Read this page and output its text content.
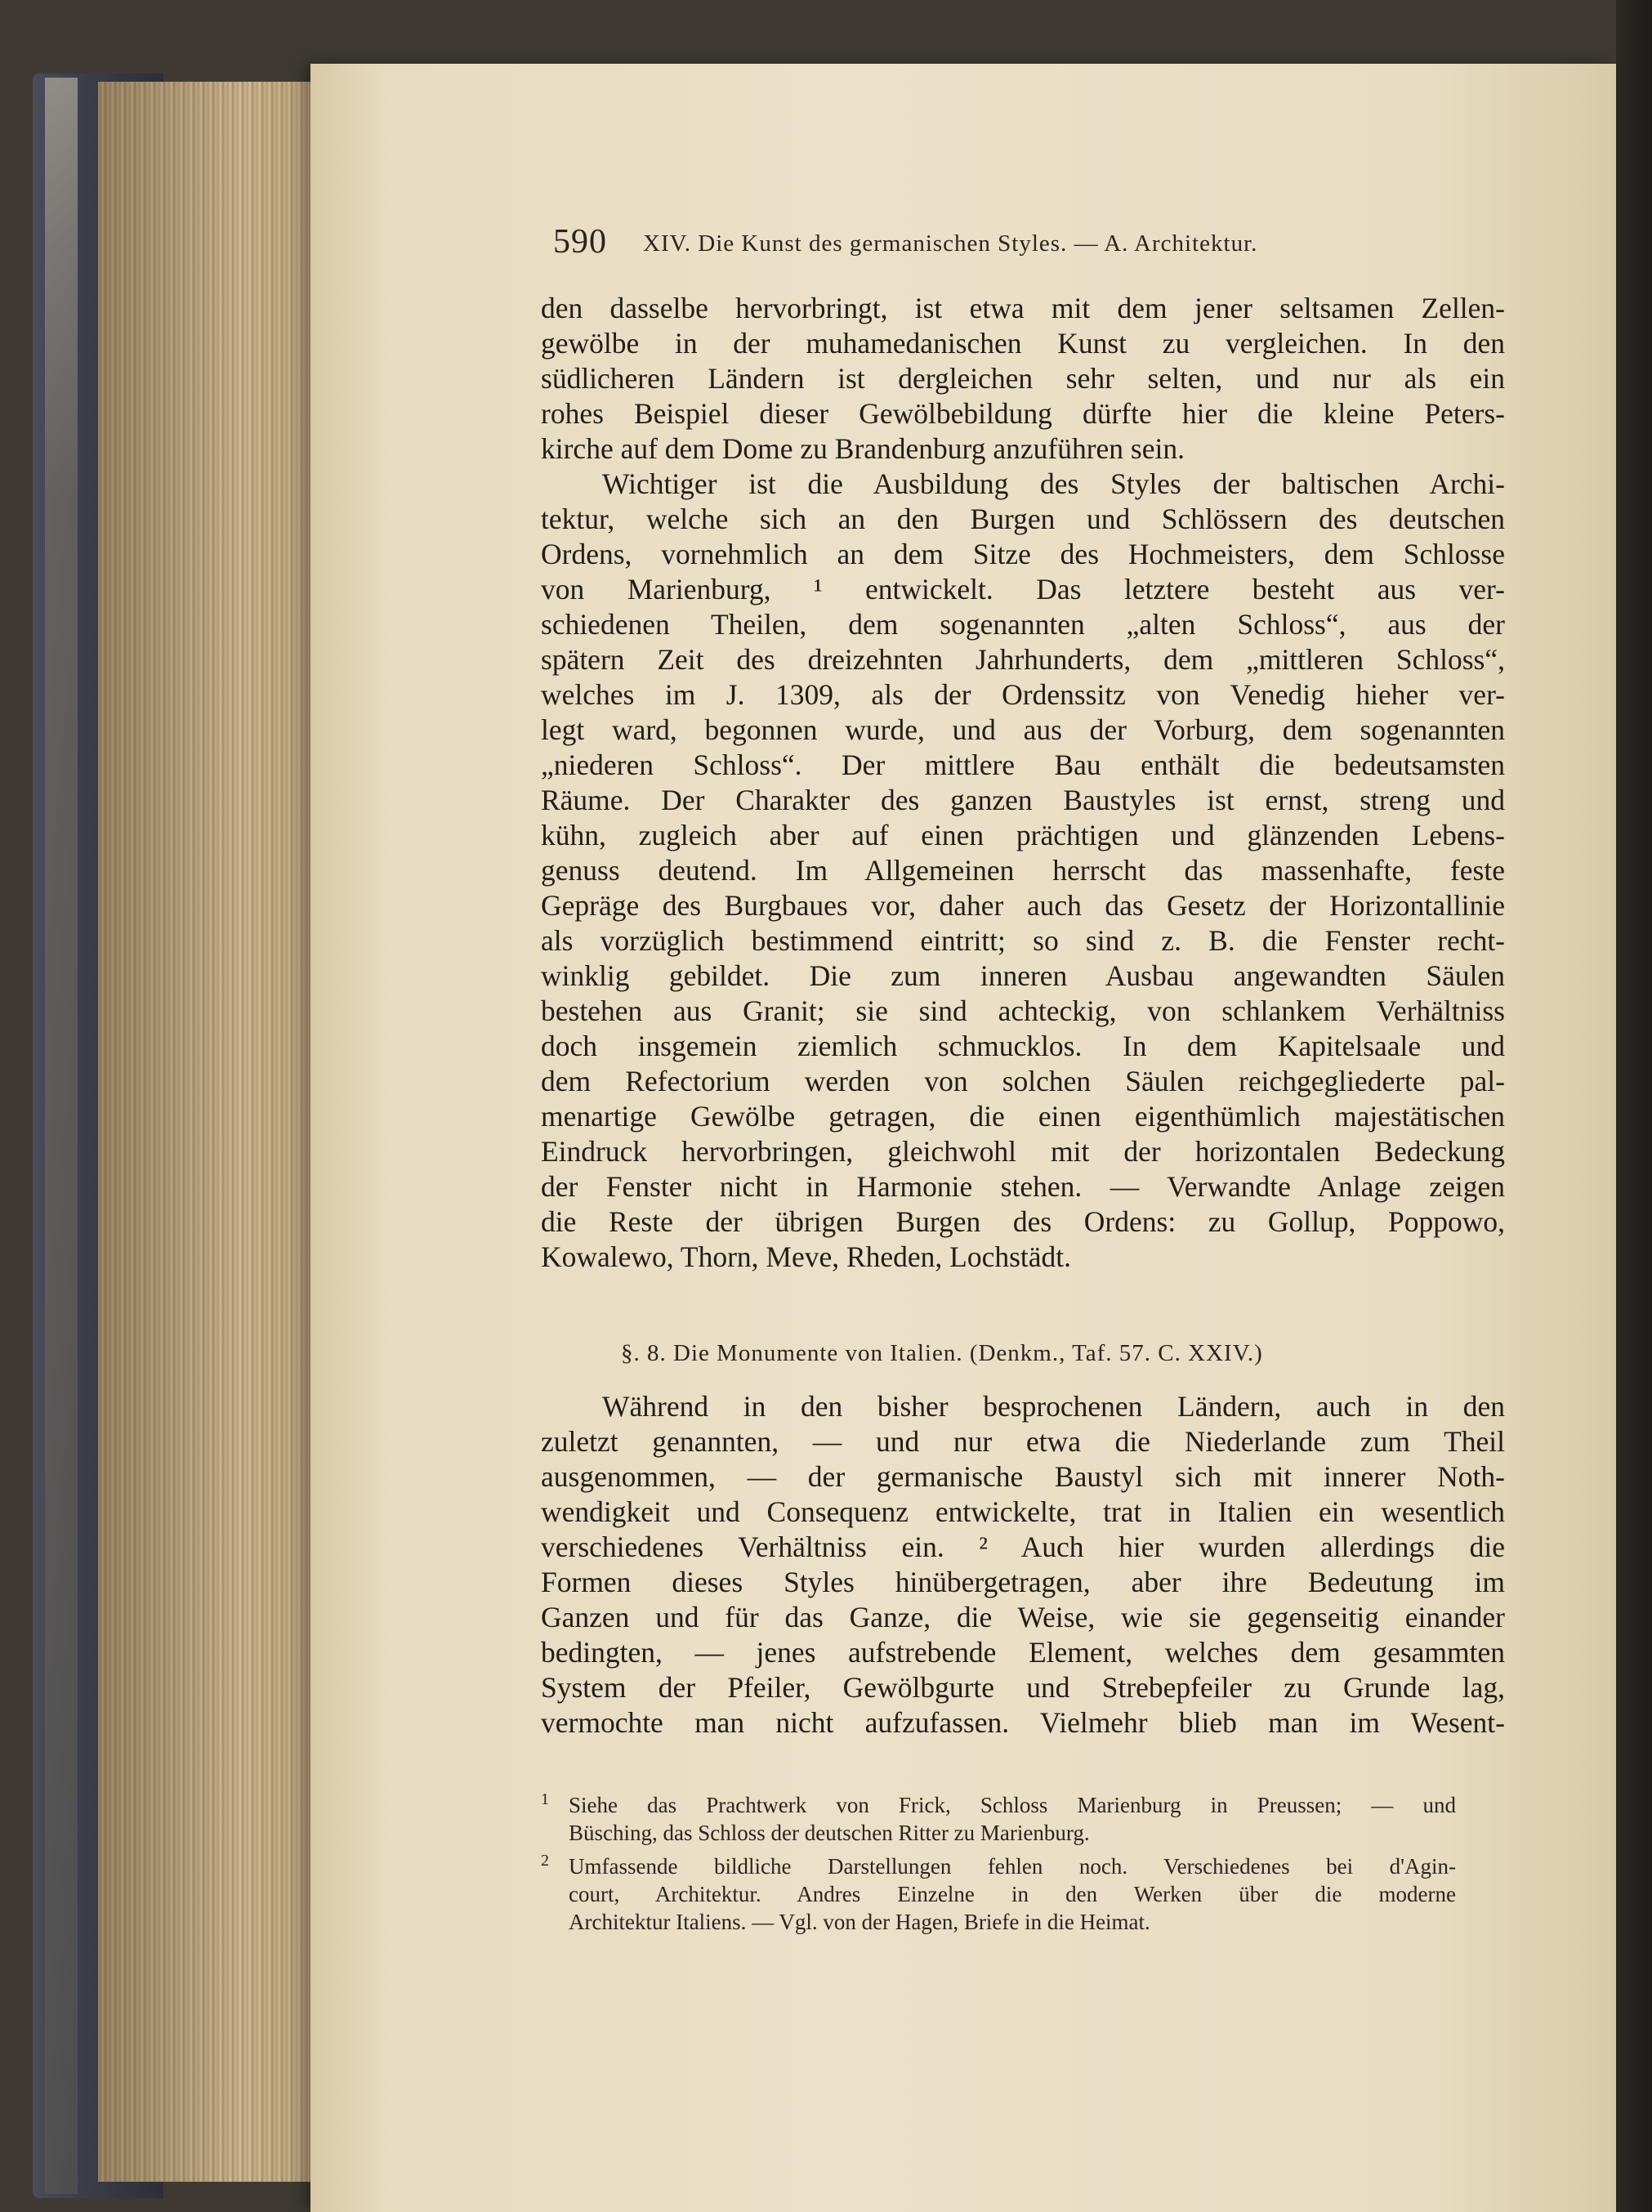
590 XIV. Die Kunst des germanischen Styles. — A. Architektur.
den dasselbe hervorbringt, ist etwa mit dem jener seltsamen Zellen-
gewölbe in der muhamedanischen Kunst zu vergleichen. In den
südlicheren Ländern ist dergleichen sehr selten, und nur als ein
rohes Beispiel dieser Gewölbebildung dürfte hier die kleine Peters-
kirche auf dem Dome zu Brandenburg anzuführen sein.
Wichtiger ist die Ausbildung des Styles der baltischen Archi-
tektur, welche sich an den Burgen und Schlössern des deutschen
Ordens, vornehmlich an dem Sitze des Hochmeisters, dem Schlosse
von Marienburg, ¹ entwickelt. Das letztere besteht aus ver-
schiedenen Theilen, dem sogenannten „alten Schloss“, aus der
spätern Zeit des dreizehnten Jahrhunderts, dem „mittleren Schloss“,
welches im J. 1309, als der Ordenssitz von Venedig hieher ver-
legt ward, begonnen wurde, und aus der Vorburg, dem sogenannten
„niederen Schloss“. Der mittlere Bau enthält die bedeutsamsten
Räume. Der Charakter des ganzen Baustyles ist ernst, streng und
kühn, zugleich aber auf einen prächtigen und glänzenden Lebens-
genuss deutend. Im Allgemeinen herrscht das massenhafte, feste
Gepräge des Burgbaues vor, daher auch das Gesetz der Horizontallinie
als vorzüglich bestimmend eintritt; so sind z. B. die Fenster recht-
winklig gebildet. Die zum inneren Ausbau angewandten Säulen
bestehen aus Granit; sie sind achteckig, von schlankem Verhältniss
doch insgemein ziemlich schmucklos. In dem Kapitelsaale und
dem Refectorium werden von solchen Säulen reichgegliederte pal-
menartige Gewölbe getragen, die einen eigenthümlich majestätischen
Eindruck hervorbringen, gleichwohl mit der horizontalen Bedeckung
der Fenster nicht in Harmonie stehen. — Verwandte Anlage zeigen
die Reste der übrigen Burgen des Ordens: zu Gollup, Poppowo,
Kowalewo, Thorn, Meve, Rheden, Lochstädt.
§. 8. Die Monumente von Italien. (Denkm., Taf. 57. C. XXIV.)
Während in den bisher besprochenen Ländern, auch in den
zuletzt genannten, — und nur etwa die Niederlande zum Theil
ausgenommen, — der germanische Baustyl sich mit innerer Noth-
wendigkeit und Consequenz entwickelte, trat in Italien ein wesentlich
verschiedenes Verhältniss ein. ² Auch hier wurden allerdings die
Formen dieses Styles hinübergetragen, aber ihre Bedeutung im
Ganzen und für das Ganze, die Weise, wie sie gegenseitig einander
bedingten, — jenes aufstrebende Element, welches dem gesammten
System der Pfeiler, Gewölbgurte und Strebepfeiler zu Grunde lag,
vermochte man nicht aufzufassen. Vielmehr blieb man im Wesent-
1 Siehe das Prachtwerk von Frick, Schloss Marienburg in Preussen; — und
Büsching, das Schloss der deutschen Ritter zu Marienburg.
2 Umfassende bildliche Darstellungen fehlen noch. Verschiedenes bei d'Agin-
court, Architektur. Andres Einzelne in den Werken über die moderne
Architektur Italiens. — Vgl. von der Hagen, Briefe in die Heimat.
